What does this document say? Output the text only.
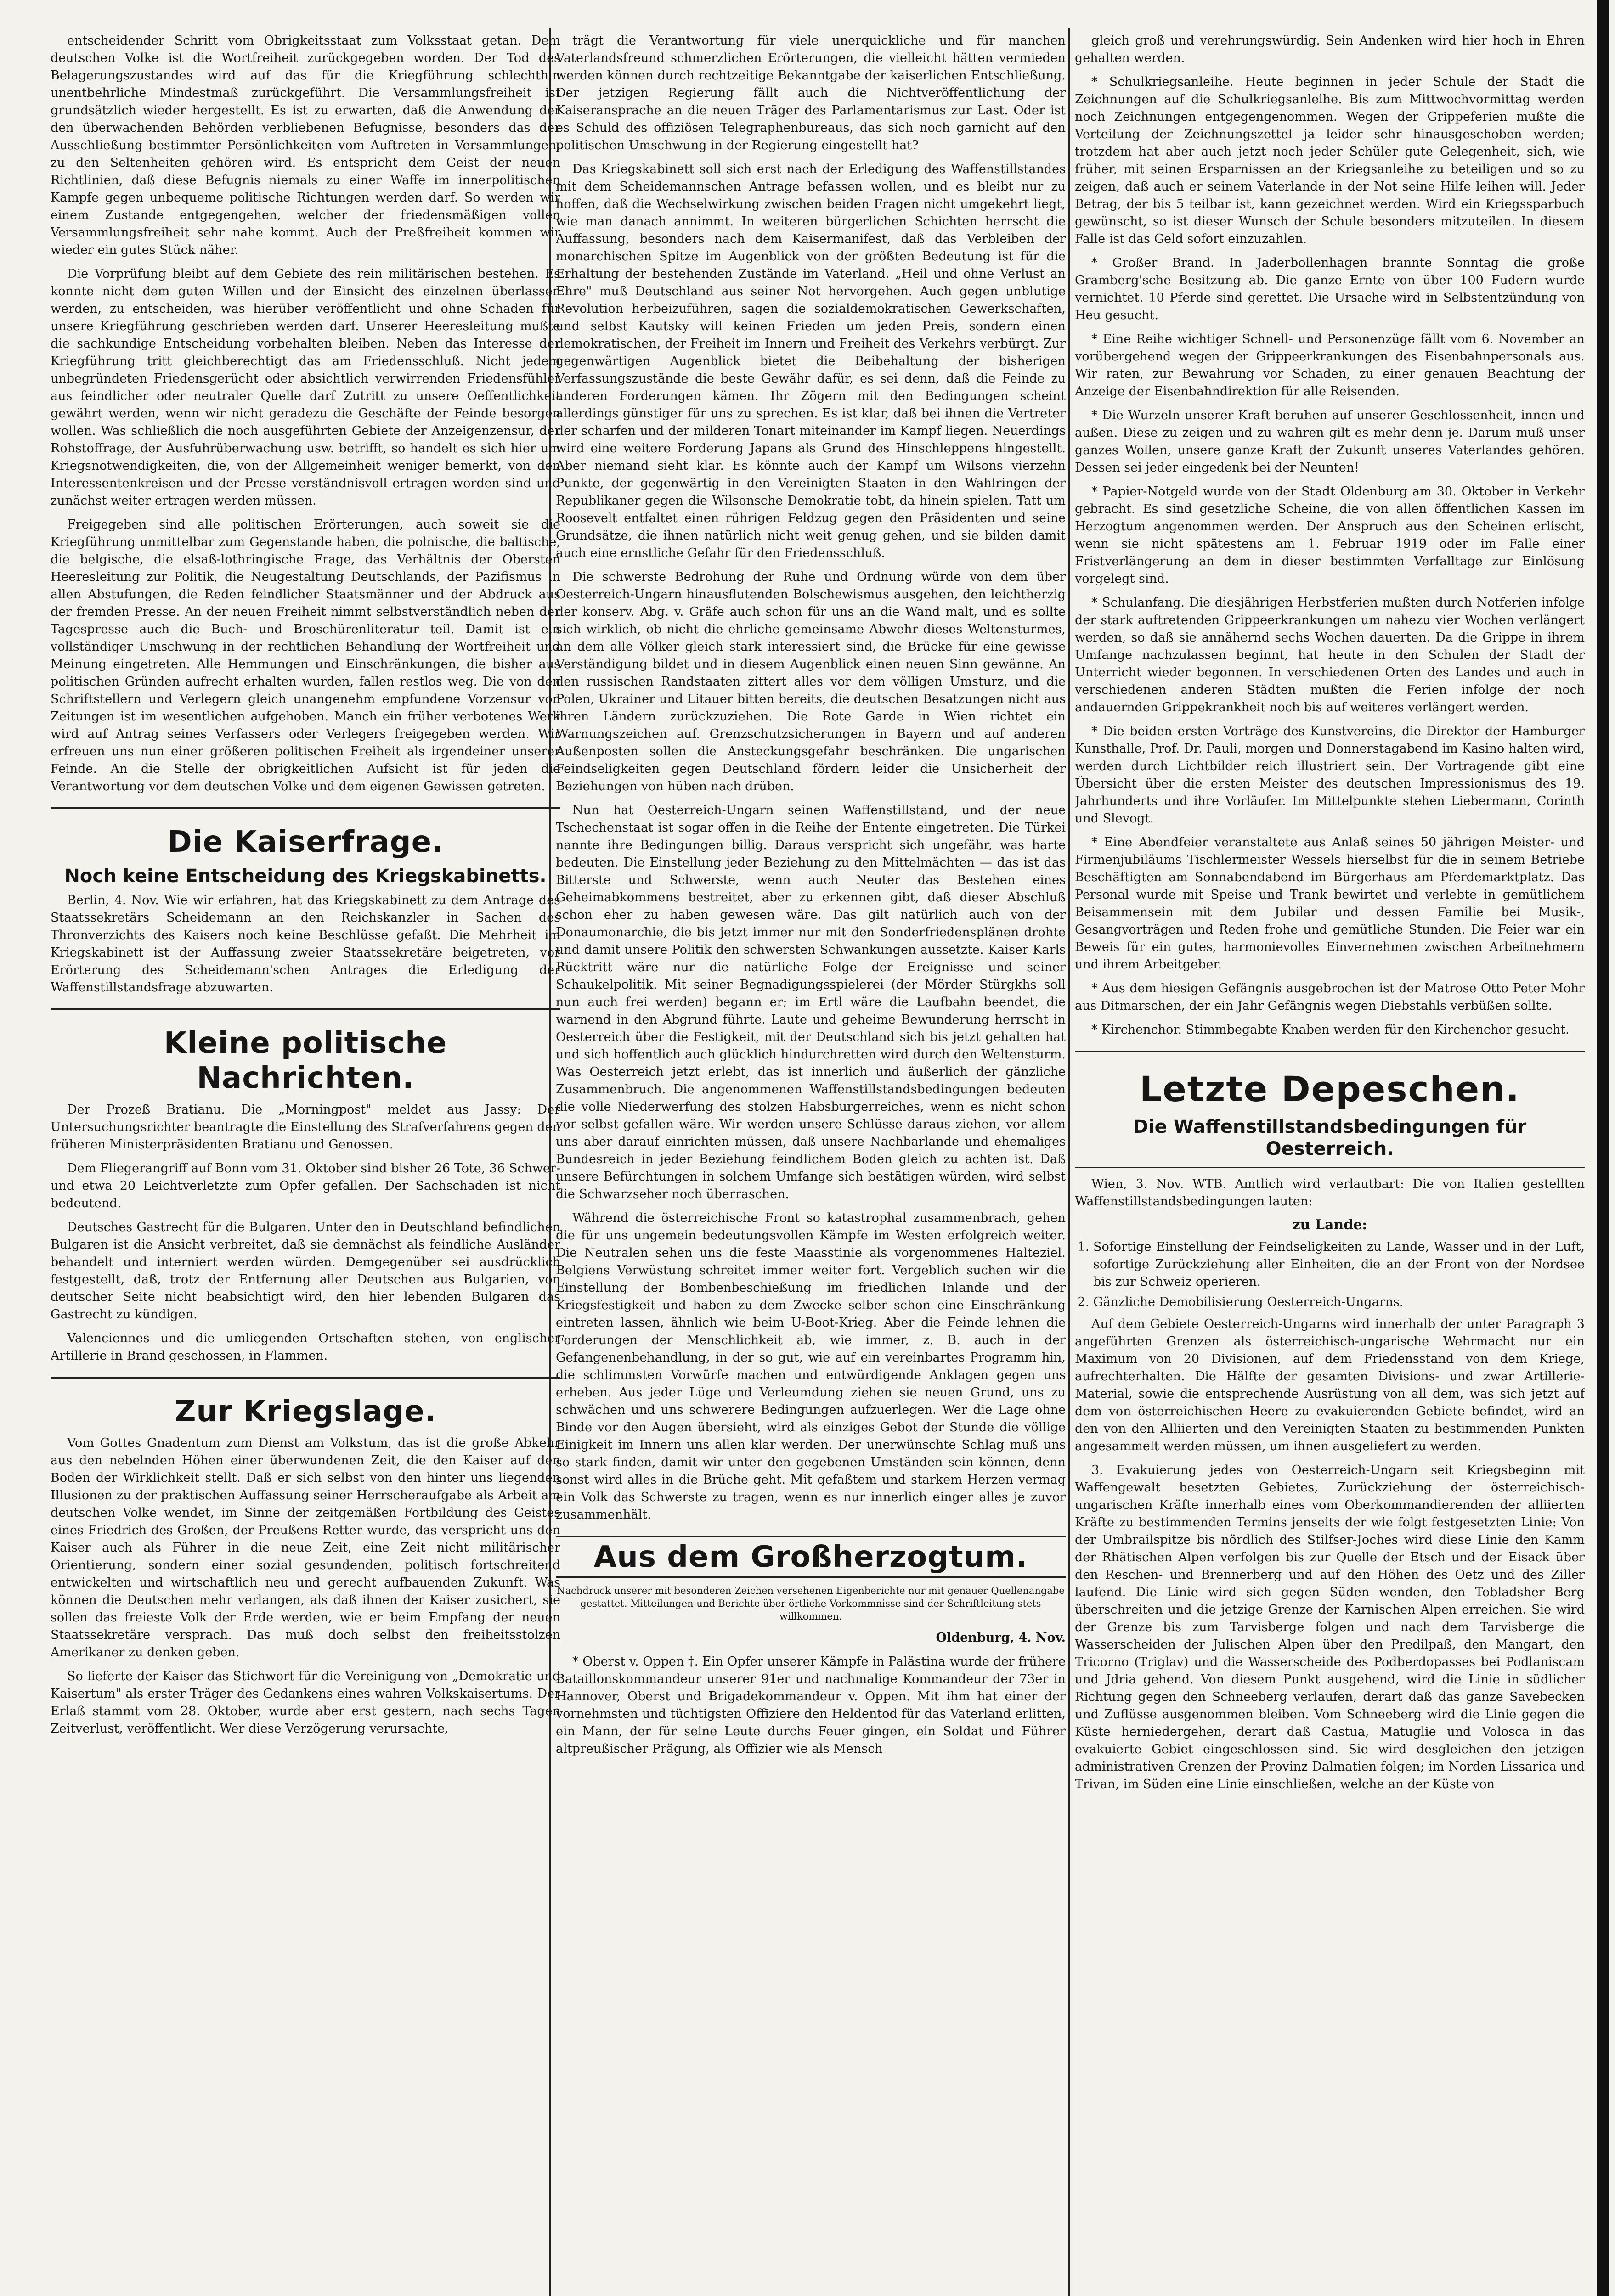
entscheidender Schritt vom Obrigkeitsstaat zum Volksstaat getan. Dem deutschen Volke ist die Wortfreiheit zurückgegeben worden. Der Tod des Belagerungszustandes wird auf das für die Kriegführung schlechthin unentbehrliche Mindestmaß zurückgeführt. Die Versammlungsfreiheit ist grundsätzlich wieder hergestellt. Es ist zu erwarten, daß die Anwendung der den überwachenden Behörden verbliebenen Befugnisse, besonders das der Ausschließung bestimmter Persönlichkeiten vom Auftreten in Versammlungen, zu den Seltenheiten gehören wird. Es entspricht dem Geist der neuen Richtlinien, daß diese Befugnis niemals zu einer Waffe im innerpolitischen Kampfe gegen unbequeme politische Richtungen werden darf. So werden wir einem Zustande entgegengehen, welcher der friedensmäßigen vollen Versammlungsfreiheit sehr nahe kommt. Auch der Preßfreiheit kommen wir wieder ein gutes Stück näher.

Die Vorprüfung bleibt auf dem Gebiete des rein militärischen bestehen. Es konnte nicht dem guten Willen und der Einsicht des einzelnen überlassen werden, zu entscheiden, was hierüber veröffentlicht und ohne Schaden für unsere Kriegführung geschrieben werden darf. Unserer Heeresleitung mußte die sachkundige Entscheidung vorbehalten bleiben. Neben das Interesse der Kriegführung tritt gleichberechtigt das am Friedensschluß. Nicht jedem unbegründeten Friedensgerücht oder absichtlich verwirrenden Friedensfühler aus feindlicher oder neutraler Quelle darf Zutritt zu unsere Oeffentlichkeit gewährt werden, wenn wir nicht geradezu die Geschäfte der Feinde besorgen wollen. Was schließlich die noch ausgeführten Gebiete der Anzeigenzensur, der Rohstoffrage, der Ausfuhrüberwachung usw. betrifft, so handelt es sich hier um Kriegsnotwendigkeiten, die, von der Allgemeinheit weniger bemerkt, von den Interessentenkreisen und der Presse verständnisvoll ertragen worden sind und zunächst weiter ertragen werden müssen.

Freigegeben sind alle politischen Erörterungen, auch soweit sie die Kriegführung unmittelbar zum Gegenstande haben, die polnische, die baltische, die belgische, die elsaß-lothringische Frage, das Verhältnis der Obersten Heeresleitung zur Politik, die Neugestaltung Deutschlands, der Pazifismus in allen Abstufungen, die Reden feindlicher Staatsmänner und der Abdruck aus der fremden Presse. An der neuen Freiheit nimmt selbstverständlich neben der Tagespresse auch die Buch- und Broschürenliteratur teil. Damit ist ein vollständiger Umschwung in der rechtlichen Behandlung der Wortfreiheit und Meinung eingetreten. Alle Hemmungen und Einschränkungen, die bisher aus politischen Gründen aufrecht erhalten wurden, fallen restlos weg. Die von den Schriftstellern und Verlegern gleich unangenehm empfundene Vorzensur von Zeitungen ist im wesentlichen aufgehoben. Manch ein früher verbotenes Werk wird auf Antrag seines Verfassers oder Verlegers freigegeben werden. Wir erfreuen uns nun einer größeren politischen Freiheit als irgendeiner unserer Feinde. An die Stelle der obrigkeitlichen Aufsicht ist für jeden die Verantwortung vor dem deutschen Volke und dem eigenen Gewissen getreten.

Die Kaiserfrage.
Noch keine Entscheidung des Kriegskabinetts.

Berlin, 4. Nov. Wie wir erfahren, hat das Kriegskabinett zu dem Antrage des Staatssekretärs Scheidemann an den Reichskanzler in Sachen des Thronverzichts des Kaisers noch keine Beschlüsse gefaßt. Die Mehrheit im Kriegskabinett ist der Auffassung zweier Staatssekretäre beigetreten, vor Erörterung des Scheidemann'schen Antrages die Erledigung der Waffenstillstandsfrage abzuwarten.

Kleine politische Nachrichten.

Der Prozeß Bratianu. Die „Morningpost" meldet aus Jassy: Der Untersuchungsrichter beantragte die Einstellung des Strafverfahrens gegen den früheren Ministerpräsidenten Bratianu und Genossen.

Dem Fliegerangriff auf Bonn vom 31. Oktober sind bisher 26 Tote, 36 Schwer- und etwa 20 Leichtverletzte zum Opfer gefallen. Der Sachschaden ist nicht bedeutend.

Deutsches Gastrecht für die Bulgaren. Unter den in Deutschland befindlichen Bulgaren ist die Ansicht verbreitet, daß sie demnächst als feindliche Ausländer behandelt und interniert werden würden. Demgegenüber sei ausdrücklich festgestellt, daß, trotz der Entfernung aller Deutschen aus Bulgarien, von deutscher Seite nicht beabsichtigt wird, den hier lebenden Bulgaren das Gastrecht zu kündigen.

Valenciennes und die umliegenden Ortschaften stehen, von englischer Artillerie in Brand geschossen, in Flammen.

Zur Kriegslage.

Vom Gottes Gnadentum zum Dienst am Volkstum, das ist die große Abkehr aus den nebelnden Höhen einer überwundenen Zeit, die den Kaiser auf den Boden der Wirklichkeit stellt. Daß er sich selbst von den hinter uns liegenden Illusionen zu der praktischen Auffassung seiner Herrscheraufgabe als Arbeit am deutschen Volke wendet, im Sinne der zeitgemäßen Fortbildung des Geistes eines Friedrich des Großen, der Preußens Retter wurde, das verspricht uns den Kaiser auch als Führer in die neue Zeit, eine Zeit nicht militärischer Orientierung, sondern einer sozial gesundenden, politisch fortschreitend entwickelten und wirtschaftlich neu und gerecht aufbauenden Zukunft. Was können die Deutschen mehr verlangen, als daß ihnen der Kaiser zusichert, sie sollen das freieste Volk der Erde werden, wie er beim Empfang der neuen Staatssekretäre versprach. Das muß doch selbst den freiheitsstolzen Amerikaner zu denken geben.

So lieferte der Kaiser das Stichwort für die Vereinigung von „Demokratie und Kaisertum" als erster Träger des Gedankens eines wahren Volkskaisertums. Der Erlaß stammt vom 28. Oktober, wurde aber erst gestern, nach sechs Tagen Zeitverlust, veröffentlicht. Wer diese Verzögerung verursachte,

trägt die Verantwortung für viele unerquickliche und für manchen Vaterlandsfreund schmerzlichen Erörterungen, die vielleicht hätten vermieden werden können durch rechtzeitige Bekanntgabe der kaiserlichen Entschließung. Der jetzigen Regierung fällt auch die Nichtveröffentlichung der Kaiseransprache an die neuen Träger des Parlamentarismus zur Last. Oder ist es Schuld des offiziösen Telegraphenbureaus, das sich noch garnicht auf den politischen Umschwung in der Regierung eingestellt hat?

Das Kriegskabinett soll sich erst nach der Erledigung des Waffenstillstandes mit dem Scheidemannschen Antrage befassen wollen, und es bleibt nur zu hoffen, daß die Wechselwirkung zwischen beiden Fragen nicht umgekehrt liegt, wie man danach annimmt. In weiteren bürgerlichen Schichten herrscht die Auffassung, besonders nach dem Kaisermanifest, daß das Verbleiben der monarchischen Spitze im Augenblick von der größten Bedeutung ist für die Erhaltung der bestehenden Zustände im Vaterland. „Heil und ohne Verlust an Ehre" muß Deutschland aus seiner Not hervorgehen. Auch gegen unblutige Revolution herbeizuführen, sagen die sozialdemokratischen Gewerkschaften, und selbst Kautsky will keinen Frieden um jeden Preis, sondern einen demokratischen, der Freiheit im Innern und Freiheit des Verkehrs verbürgt. Zur gegenwärtigen Augenblick bietet die Beibehaltung der bisherigen Verfassungszustände die beste Gewähr dafür, es sei denn, daß die Feinde zu anderen Forderungen kämen. Ihr Zögern mit den Bedingungen scheint allerdings günstiger für uns zu sprechen. Es ist klar, daß bei ihnen die Vertreter der scharfen und der milderen Tonart miteinander im Kampf liegen. Neuerdings wird eine weitere Forderung Japans als Grund des Hinschleppens hingestellt. Aber niemand sieht klar. Es könnte auch der Kampf um Wilsons vierzehn Punkte, der gegenwärtig in den Vereinigten Staaten in den Wahlringen der Republikaner gegen die Wilsonsche Demokratie tobt, da hinein spielen. Tatt um Roosevelt entfaltet einen rührigen Feldzug gegen den Präsidenten und seine Grundsätze, die ihnen natürlich nicht weit genug gehen, und sie bilden damit auch eine ernstliche Gefahr für den Friedensschluß.

Die schwerste Bedrohung der Ruhe und Ordnung würde von dem über Oesterreich-Ungarn hinausflutenden Bolschewismus ausgehen, den leichtherzig der konserv. Abg. v. Gräfe auch schon für uns an die Wand malt, und es sollte sich wirklich, ob nicht die ehrliche gemeinsame Abwehr dieses Weltensturmes, an dem alle Völker gleich stark interessiert sind, die Brücke für eine gewisse Verständigung bildet und in diesem Augenblick einen neuen Sinn gewänne. An den russischen Randstaaten zittert alles vor dem völligen Umsturz, und die Polen, Ukrainer und Litauer bitten bereits, die deutschen Besatzungen nicht aus ihren Ländern zurückzuziehen. Die Rote Garde in Wien richtet ein Warnungszeichen auf. Grenzschutzsicherungen in Bayern und auf anderen Außenposten sollen die Ansteckungsgefahr beschränken. Die ungarischen Feindseligkeiten gegen Deutschland fördern leider die Unsicherheit der Beziehungen von hüben nach drüben.

Nun hat Oesterreich-Ungarn seinen Waffenstillstand, und der neue Tschechenstaat ist sogar offen in die Reihe der Entente eingetreten. Die Türkei nannte ihre Bedingungen billig. Daraus verspricht sich ungefähr, was harte bedeuten. Die Einstellung jeder Beziehung zu den Mittelmächten — das ist das Bitterste und Schwerste, wenn auch Neuter das Bestehen eines Geheimabkommens bestreitet, aber zu erkennen gibt, daß dieser Abschluß schon eher zu haben gewesen wäre. Das gilt natürlich auch von der Donaumonarchie, die bis jetzt immer nur mit den Sonderfriedensplänen drohte und damit unsere Politik den schwersten Schwankungen aussetzte. Kaiser Karls Rücktritt wäre nur die natürliche Folge der Ereignisse und seiner Schaukelpolitik. Mit seiner Begnadigungsspielerei (der Mörder Stürgkhs soll nun auch frei werden) begann er; im Ertl wäre die Laufbahn beendet, die warnend in den Abgrund führte. Laute und geheime Bewunderung herrscht in Oesterreich über die Festigkeit, mit der Deutschland sich bis jetzt gehalten hat und sich hoffentlich auch glücklich hindurchretten wird durch den Weltensturm. Was Oesterreich jetzt erlebt, das ist innerlich und äußerlich der gänzliche Zusammenbruch. Die angenommenen Waffenstillstandsbedingungen bedeuten die volle Niederwerfung des stolzen Habsburgerreiches, wenn es nicht schon vor selbst gefallen wäre. Wir werden unsere Schlüsse daraus ziehen, vor allem uns aber darauf einrichten müssen, daß unsere Nachbarlande und ehemaliges Bundesreich in jeder Beziehung feindlichem Boden gleich zu achten ist. Daß unsere Befürchtungen in solchem Umfange sich bestätigen würden, wird selbst die Schwarzseher noch überraschen.

Während die österreichische Front so katastrophal zusammenbrach, gehen die für uns ungemein bedeutungsvollen Kämpfe im Westen erfolgreich weiter. Die Neutralen sehen uns die feste Maasstinie als vorgenommenes Halteziel. Belgiens Verwüstung schreitet immer weiter fort. Vergeblich suchen wir die Einstellung der Bombenbeschießung im friedlichen Inlande und der Kriegsfestigkeit und haben zu dem Zwecke selber schon eine Einschränkung eintreten lassen, ähnlich wie beim U-Boot-Krieg. Aber die Feinde lehnen die Forderungen der Menschlichkeit ab, wie immer, z. B. auch in der Gefangenenbehandlung, in der so gut, wie auf ein vereinbartes Programm hin, die schlimmsten Vorwürfe machen und entwürdigende Anklagen gegen uns erheben. Aus jeder Lüge und Verleumdung ziehen sie neuen Grund, uns zu schwächen und uns schwerere Bedingungen aufzuerlegen. Wer die Lage ohne Binde vor den Augen übersieht, wird als einziges Gebot der Stunde die völlige Einigkeit im Innern uns allen klar werden. Der unerwünschte Schlag muß uns so stark finden, damit wir unter den gegebenen Umständen sein können, denn sonst wird alles in die Brüche geht. Mit gefaßtem und starkem Herzen vermag ein Volk das Schwerste zu tragen, wenn es nur innerlich einger alles je zuvor zusammenhält.

Aus dem Großherzogtum.

Nachdruck unserer mit besonderen Zeichen versehenen Eigenberichte nur mit genauer Quellenangabe gestattet. Mitteilungen und Berichte über örtliche Vorkommnisse sind der Schriftleitung stets willkommen.

Oldenburg, 4. Nov.

* Oberst v. Oppen †. Ein Opfer unserer Kämpfe in Palästina wurde der frühere Bataillonskommandeur unserer 91er und nachmalige Kommandeur der 73er in Hannover, Oberst und Brigadekommandeur v. Oppen. Mit ihm hat einer der vornehmsten und tüchtigsten Offiziere den Heldentod für das Vaterland erlitten, ein Mann, der für seine Leute durchs Feuer gingen, ein Soldat und Führer altpreußischer Prägung, als Offizier wie als Mensch

gleich groß und verehrungswürdig. Sein Andenken wird hier hoch in Ehren gehalten werden.

* Schulkriegsanleihe. Heute beginnen in jeder Schule der Stadt die Zeichnungen auf die Schulkriegsanleihe. Bis zum Mittwochvormittag werden noch Zeichnungen entgegengenommen. Wegen der Grippeferien mußte die Verteilung der Zeichnungszettel ja leider sehr hinausgeschoben werden; trotzdem hat aber auch jetzt noch jeder Schüler gute Gelegenheit, sich, wie früher, mit seinen Ersparnissen an der Kriegsanleihe zu beteiligen und so zu zeigen, daß auch er seinem Vaterlande in der Not seine Hilfe leihen will. Jeder Betrag, der bis 5 teilbar ist, kann gezeichnet werden. Wird ein Kriegssparbuch gewünscht, so ist dieser Wunsch der Schule besonders mitzuteilen. In diesem Falle ist das Geld sofort einzuzahlen.

* Großer Brand. In Jaderbollenhagen brannte Sonntag die große Gramberg'sche Besitzung ab. Die ganze Ernte von über 100 Fudern wurde vernichtet. 10 Pferde sind gerettet. Die Ursache wird in Selbstentzündung von Heu gesucht.

* Eine Reihe wichtiger Schnell- und Personenzüge fällt vom 6. November an vorübergehend wegen der Grippeerkrankungen des Eisenbahnpersonals aus. Wir raten, zur Bewahrung vor Schaden, zu einer genauen Beachtung der Anzeige der Eisenbahndirektion für alle Reisenden.

* Die Wurzeln unserer Kraft beruhen auf unserer Geschlossenheit, innen und außen. Diese zu zeigen und zu wahren gilt es mehr denn je. Darum muß unser ganzes Wollen, unsere ganze Kraft der Zukunft unseres Vaterlandes gehören. Dessen sei jeder eingedenk bei der Neunten!

* Papier-Notgeld wurde von der Stadt Oldenburg am 30. Oktober in Verkehr gebracht. Es sind gesetzliche Scheine, die von allen öffentlichen Kassen im Herzogtum angenommen werden. Der Anspruch aus den Scheinen erlischt, wenn sie nicht spätestens am 1. Februar 1919 oder im Falle einer Fristverlängerung an dem in dieser bestimmten Verfalltage zur Einlösung vorgelegt sind.

* Schulanfang. Die diesjährigen Herbstferien mußten durch Notferien infolge der stark auftretenden Grippeerkrankungen um nahezu vier Wochen verlängert werden, so daß sie annähernd sechs Wochen dauerten. Da die Grippe in ihrem Umfange nachzulassen beginnt, hat heute in den Schulen der Stadt der Unterricht wieder begonnen. In verschiedenen Orten des Landes und auch in verschiedenen anderen Städten mußten die Ferien infolge der noch andauernden Grippekrankheit noch bis auf weiteres verlängert werden.

* Die beiden ersten Vorträge des Kunstvereins, die Direktor der Hamburger Kunsthalle, Prof. Dr. Pauli, morgen und Donnerstagabend im Kasino halten wird, werden durch Lichtbilder reich illustriert sein. Der Vortragende gibt eine Übersicht über die ersten Meister des deutschen Impressionismus des 19. Jahrhunderts und ihre Vorläufer. Im Mittelpunkte stehen Liebermann, Corinth und Slevogt.

* Eine Abendfeier veranstaltete aus Anlaß seines 50 jährigen Meister- und Firmenjubiläums Tischlermeister Wessels hierselbst für die in seinem Betriebe Beschäftigten am Sonnabendabend im Bürgerhaus am Pferdemarktplatz. Das Personal wurde mit Speise und Trank bewirtet und verlebte in gemütlichem Beisammensein mit dem Jubilar und dessen Familie bei Musik-, Gesangvorträgen und Reden frohe und gemütliche Stunden. Die Feier war ein Beweis für ein gutes, harmonievolles Einvernehmen zwischen Arbeitnehmern und ihrem Arbeitgeber.

* Aus dem hiesigen Gefängnis ausgebrochen ist der Matrose Otto Peter Mohr aus Ditmarschen, der ein Jahr Gefängnis wegen Diebstahls verbüßen sollte.

* Kirchenchor. Stimmbegabte Knaben werden für den Kirchenchor gesucht.

Letzte Depeschen.
Die Waffenstillstandsbedingungen für Oesterreich.

Wien, 3. Nov. WTB. Amtlich wird verlautbart: Die von Italien gestellten Waffenstillstandsbedingungen lauten:

zu Lande:

1. Sofortige Einstellung der Feindseligkeiten zu Lande, Wasser und in der Luft, sofortige Zurückziehung aller Einheiten, die an der Front von der Nordsee bis zur Schweiz operieren.
2. Gänzliche Demobilisierung Oesterreich-Ungarns.

Auf dem Gebiete Oesterreich-Ungarns wird innerhalb der unter Paragraph 3 angeführten Grenzen als österreichisch-ungarische Wehrmacht nur ein Maximum von 20 Divisionen, auf dem Friedensstand von dem Kriege, aufrechterhalten. Die Hälfte der gesamten Divisions- und zwar Artillerie-Material, sowie die entsprechende Ausrüstung von all dem, was sich jetzt auf dem von österreichischen Heere zu evakuierenden Gebiete befindet, wird an den von den Alliierten und den Vereinigten Staaten zu bestimmenden Punkten angesammelt werden müssen, um ihnen ausgeliefert zu werden.

3. Evakuierung jedes von Oesterreich-Ungarn seit Kriegsbeginn mit Waffengewalt besetzten Gebietes, Zurückziehung der österreichisch-ungarischen Kräfte innerhalb eines vom Oberkommandierenden der alliierten Kräfte zu bestimmenden Termins jenseits der wie folgt festgesetzten Linie: Von der Umbrailspitze bis nördlich des Stilfser-Joches wird diese Linie den Kamm der Rhätischen Alpen verfolgen bis zur Quelle der Etsch und der Eisack über den Reschen- und Brennerberg und auf den Höhen des Oetz und des Ziller laufend. Die Linie wird sich gegen Süden wenden, den Tobladsher Berg überschreiten und die jetzige Grenze der Karnischen Alpen erreichen. Sie wird der Grenze bis zum Tarvisberge folgen und nach dem Tarvisberge die Wasserscheiden der Julischen Alpen über den Predilpaß, den Mangart, den Tricorno (Triglav) und die Wasserscheide des Podberdopasses bei Podlaniscam und Jdria gehend. Von diesem Punkt ausgehend, wird die Linie in südlicher Richtung gegen den Schneeberg verlaufen, derart daß das ganze Savebecken und Zuflüsse ausgenommen bleiben. Vom Schneeberg wird die Linie gegen die Küste herniedergehen, derart daß Castua, Matuglie und Volosca in das evakuierte Gebiet eingeschlossen sind. Sie wird desgleichen den jetzigen administrativen Grenzen der Provinz Dalmatien folgen; im Norden Lissarica und Trivan, im Süden eine Linie einschließen, welche an der Küste von
